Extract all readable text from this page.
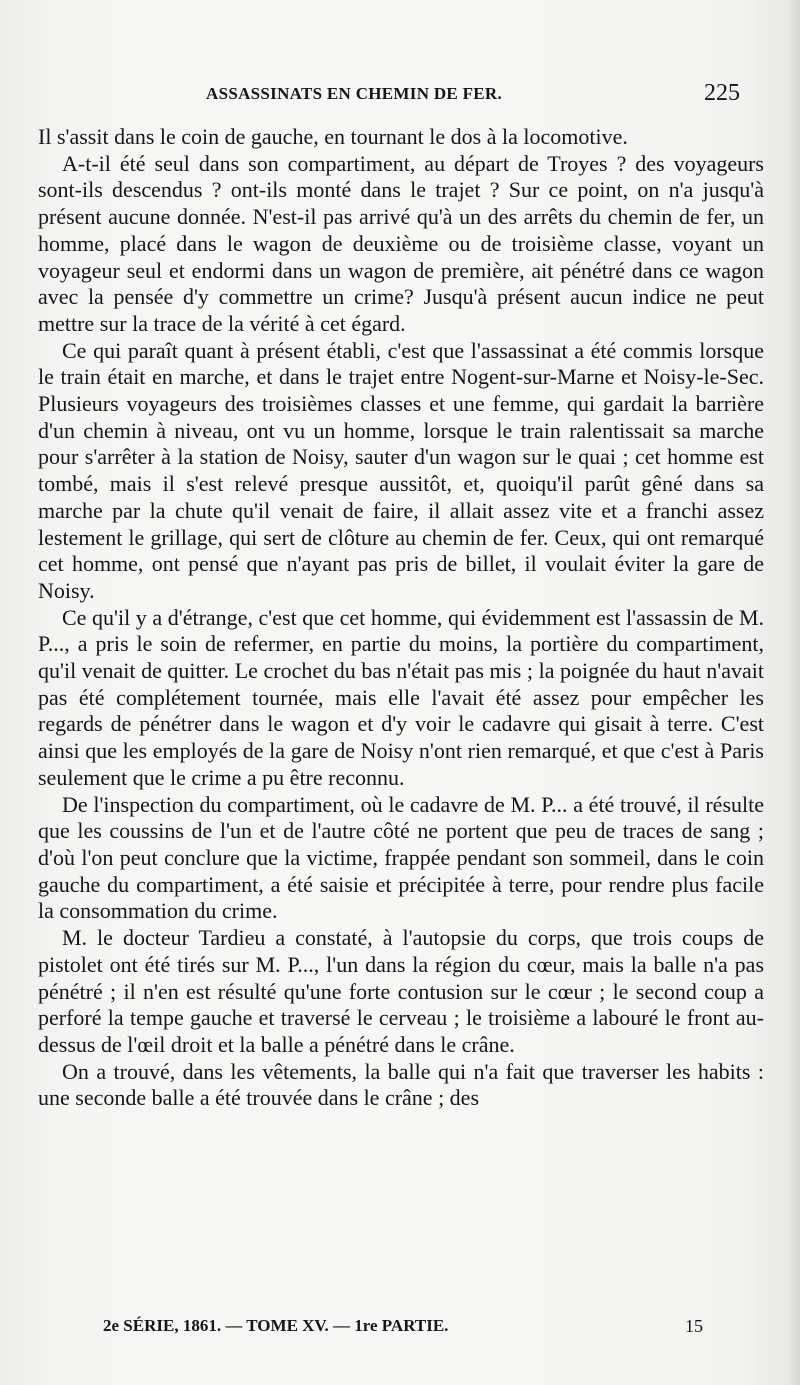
ASSASSINATS EN CHEMIN DE FER.	225

Il s'assit dans le coin de gauche, en tournant le dos à la locomotive.

A-t-il été seul dans son compartiment, au départ de Troyes ? des voyageurs sont-ils descendus ? ont-ils monté dans le trajet ? Sur ce point, on n'a jusqu'à présent aucune donnée. N'est-il pas arrivé qu'à un des arrêts du chemin de fer, un homme, placé dans le wagon de deuxième ou de troisième classe, voyant un voyageur seul et endormi dans un wagon de première, ait pénétré dans ce wagon avec la pensée d'y commettre un crime? Jusqu'à présent aucun indice ne peut mettre sur la trace de la vérité à cet égard.

Ce qui paraît quant à présent établi, c'est que l'assassinat a été commis lorsque le train était en marche, et dans le trajet entre Nogent-sur-Marne et Noisy-le-Sec. Plusieurs voyageurs des troisièmes classes et une femme, qui gardait la barrière d'un chemin à niveau, ont vu un homme, lorsque le train ralentissait sa marche pour s'arrêter à la station de Noisy, sauter d'un wagon sur le quai ; cet homme est tombé, mais il s'est relevé presque aussitôt, et, quoiqu'il parût gêné dans sa marche par la chute qu'il venait de faire, il allait assez vite et a franchi assez lestement le grillage, qui sert de clôture au chemin de fer. Ceux, qui ont remarqué cet homme, ont pensé que n'ayant pas pris de billet, il voulait éviter la gare de Noisy.

Ce qu'il y a d'étrange, c'est que cet homme, qui évidemment est l'assassin de M. P..., a pris le soin de refermer, en partie du moins, la portière du compartiment, qu'il venait de quitter. Le crochet du bas n'était pas mis ; la poignée du haut n'avait pas été complétement tournée, mais elle l'avait été assez pour empêcher les regards de pénétrer dans le wagon et d'y voir le cadavre qui gisait à terre. C'est ainsi que les employés de la gare de Noisy n'ont rien remarqué, et que c'est à Paris seulement que le crime a pu être reconnu.

De l'inspection du compartiment, où le cadavre de M. P... a été trouvé, il résulte que les coussins de l'un et de l'autre côté ne portent que peu de traces de sang ; d'où l'on peut conclure que la victime, frappée pendant son sommeil, dans le coin gauche du compartiment, a été saisie et précipitée à terre, pour rendre plus facile la consommation du crime.

M. le docteur Tardieu a constaté, à l'autopsie du corps, que trois coups de pistolet ont été tirés sur M. P..., l'un dans la région du cœur, mais la balle n'a pas pénétré ; il n'en est résulté qu'une forte contusion sur le cœur ; le second coup a perforé la tempe gauche et traversé le cerveau ; le troisième a labouré le front au-dessus de l'œil droit et la balle a pénétré dans le crâne.

On a trouvé, dans les vêtements, la balle qui n'a fait que traverser les habits : une seconde balle a été trouvée dans le crâne ; des

2e SÉRIE, 1861. — TOME XV. — 1re PARTIE.	15
